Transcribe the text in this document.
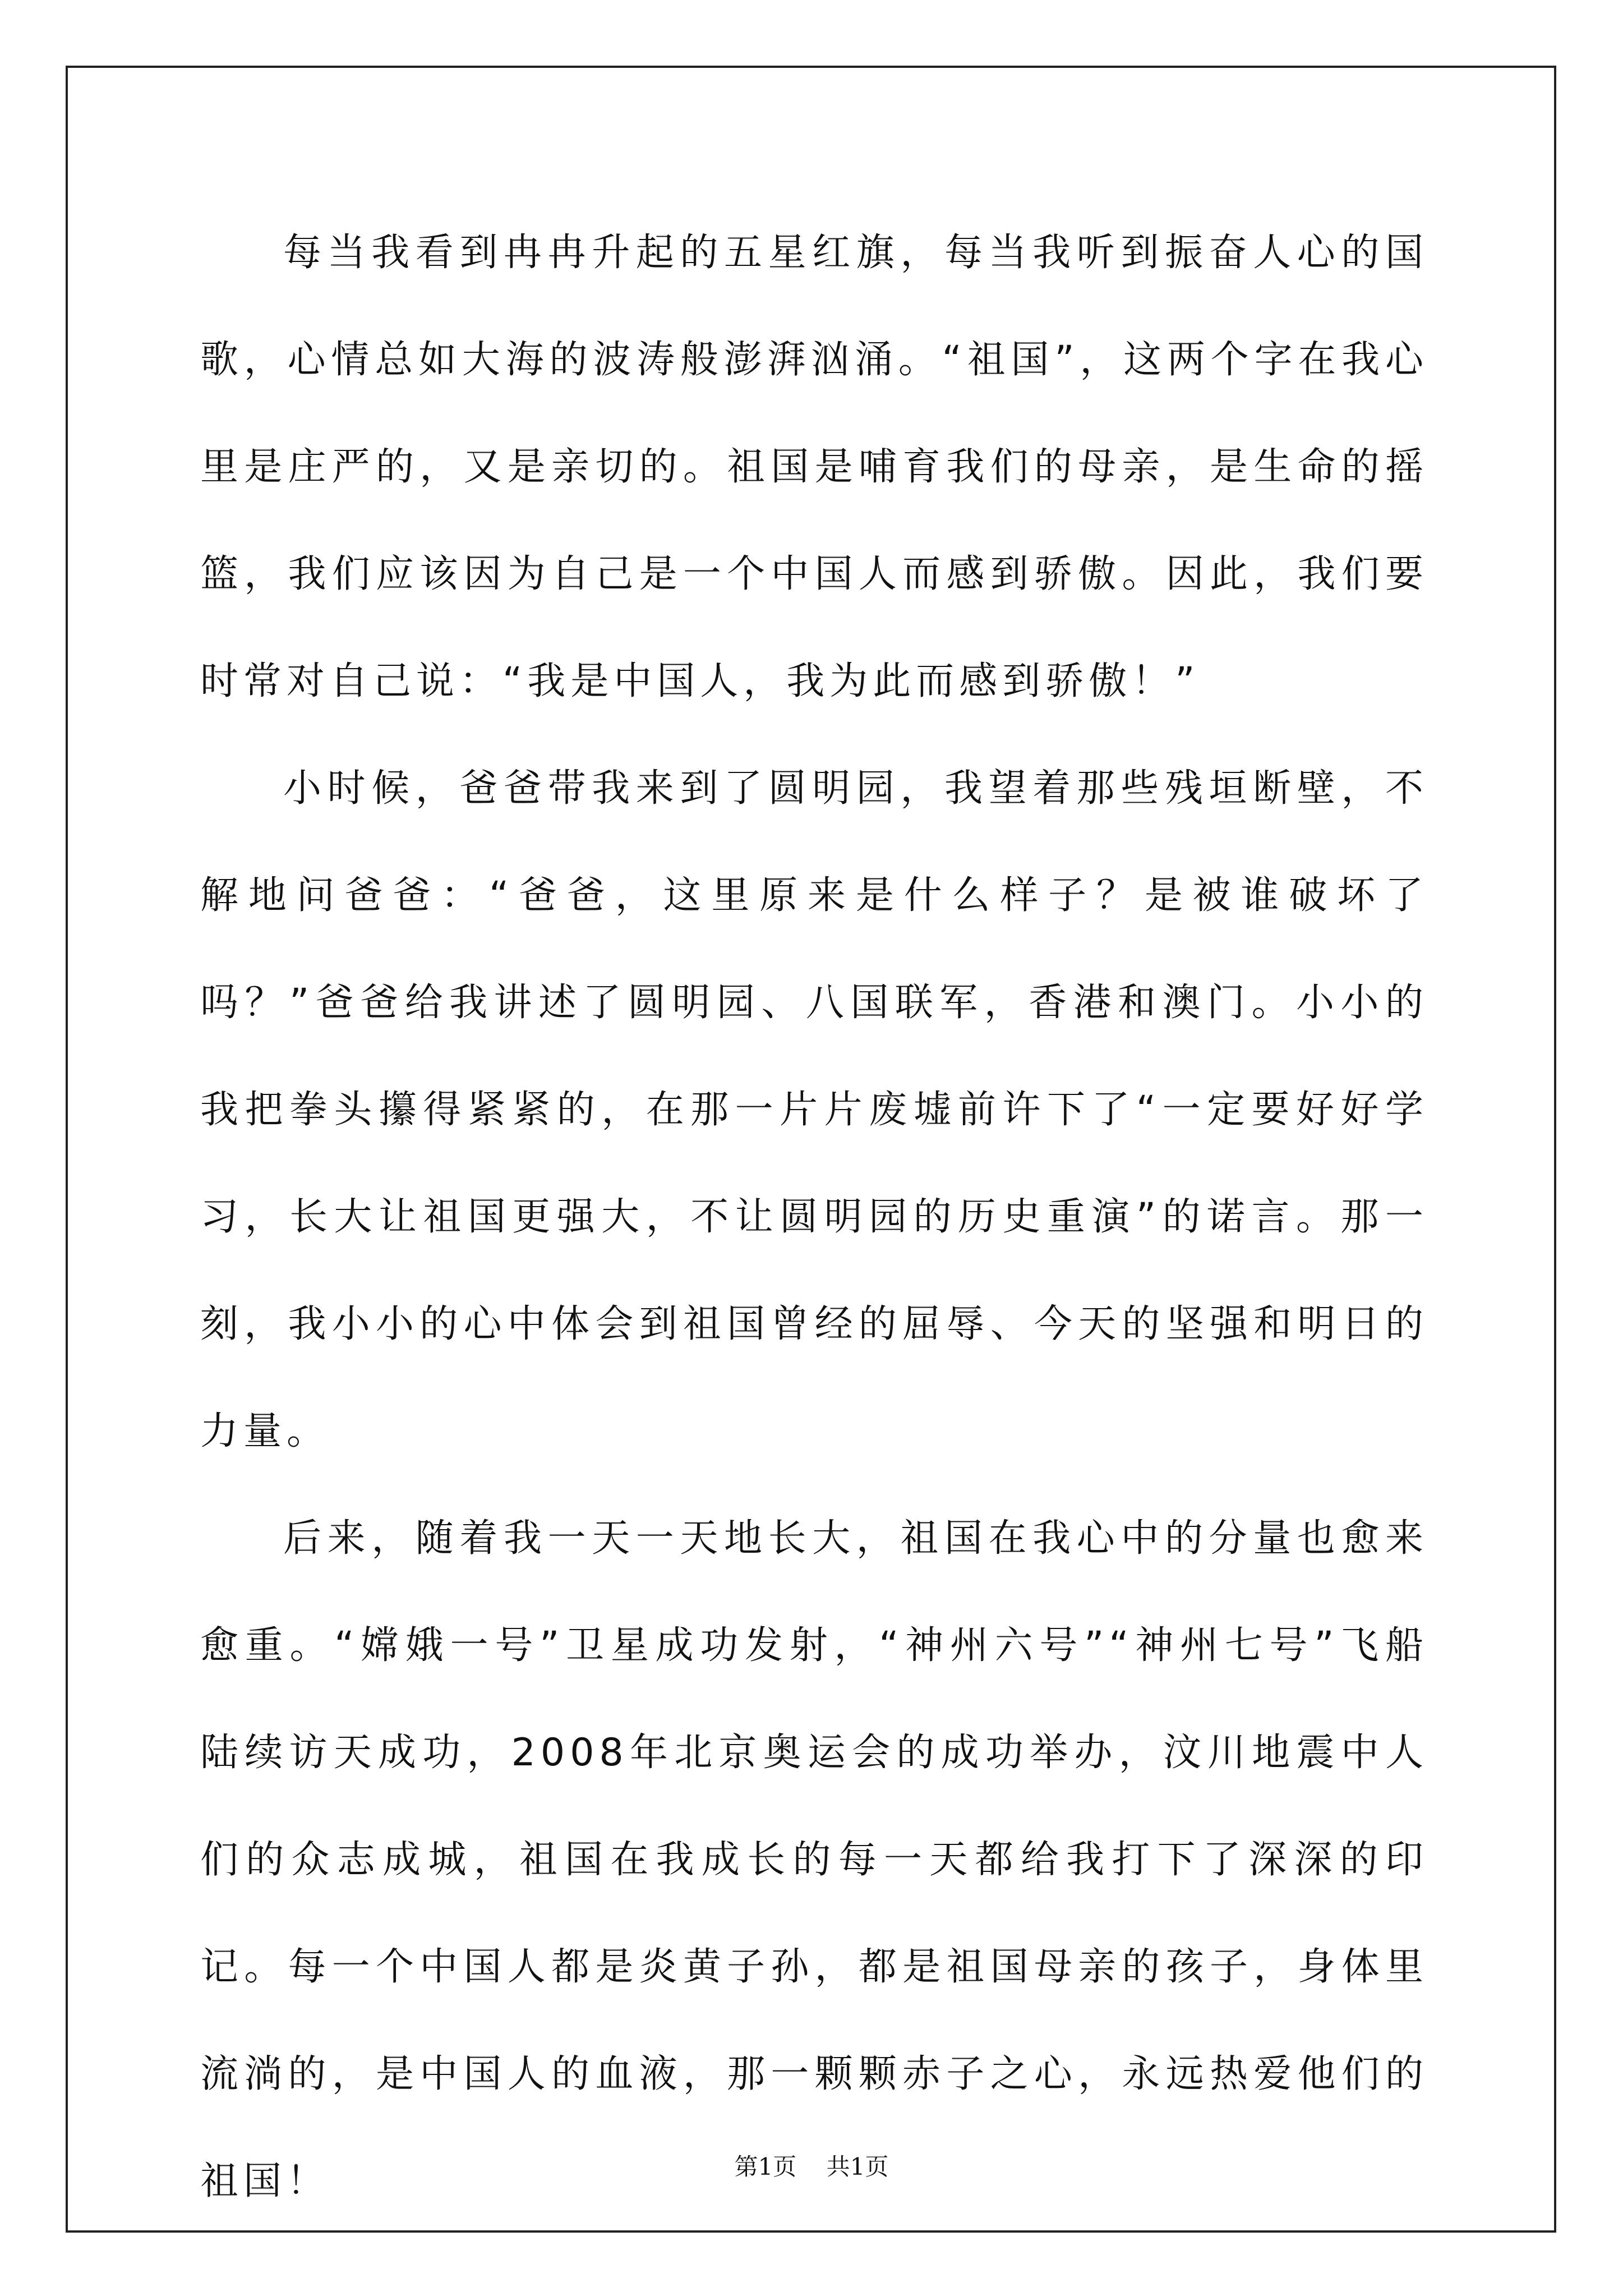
每当我看到冉冉升起的五星红旗，每当我听到振奋人心的国歌，心情总如大海的波涛般澎湃汹涌。“祖国”，这两个字在我心里是庄严的，又是亲切的。祖国是哺育我们的母亲，是生命的摇篮，我们应该因为自己是一个中国人而感到骄傲。因此，我们要时常对自己说：“我是中国人，我为此而感到骄傲！”

小时候，爸爸带我来到了圆明园，我望着那些残垣断壁，不解地问爸爸：“爸爸，这里原来是什么样子？是被谁破坏了吗？”爸爸给我讲述了圆明园、八国联军，香港和澳门。小小的我把拳头攥得紧紧的，在那一片片废墟前许下了“一定要好好学习，长大让祖国更强大，不让圆明园的历史重演”的诺言。那一刻，我小小的心中体会到祖国曾经的屈辱、今天的坚强和明日的力量。

后来，随着我一天一天地长大，祖国在我心中的分量也愈来愈重。“嫦娥一号”卫星成功发射，“神州六号”“神州七号”飞船陆续访天成功，2008年北京奥运会的成功举办，汶川地震中人们的众志成城，祖国在我成长的每一天都给我打下了深深的印记。每一个中国人都是炎黄子孙，都是祖国母亲的孩子，身体里流淌的，是中国人的血液，那一颗颗赤子之心，永远热爱他们的祖国！	第1页 共1页
